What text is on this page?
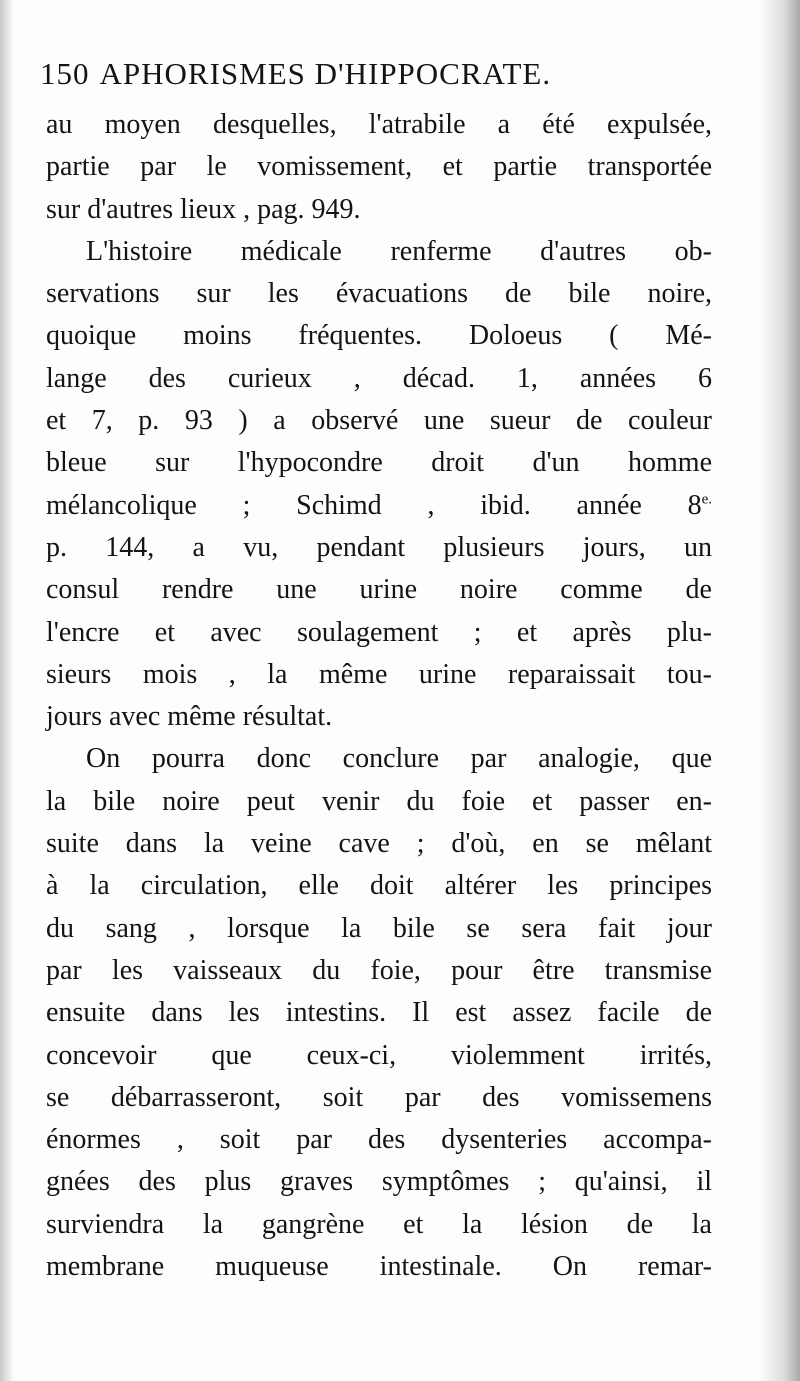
150 APHORISMES D'HIPPOCRATE.
au moyen desquelles, l'atrabile a été expulsée,
partie par le vomissement, et partie transportée
sur d'autres lieux , pag. 949.
L'histoire médicale renferme d'autres ob-
servations sur les évacuations de bile noire,
quoique moins fréquentes. Doloeus ( Mé-
lange des curieux , décad. 1, années 6
et 7, p. 93 ) a observé une sueur de couleur
bleue sur l'hypocondre droit d'un homme
mélancolique ; Schimd , ibid. année $8^{e.}$
p. 144, a vu, pendant plusieurs jours, un
consul rendre une urine noire comme de
l'encre et avec soulagement ; et après plu-
sieurs mois , la même urine reparaissait tou-
jours avec même résultat.
On pourra donc conclure par analogie, que
la bile noire peut venir du foie et passer en-
suite dans la veine cave ; d'où, en se mêlant
à la circulation, elle doit altérer les principes
du sang , lorsque la bile se sera fait jour
par les vaisseaux du foie, pour être transmise
ensuite dans les intestins. Il est assez facile de
concevoir que ceux-ci, violemment irrités,
se débarrasseront, soit par des vomissemens
énormes , soit par des dysenteries accompa-
gnées des plus graves symptômes ; qu'ainsi, il
surviendra la gangrène et la lésion de la
membrane muqueuse intestinale. On remar-
